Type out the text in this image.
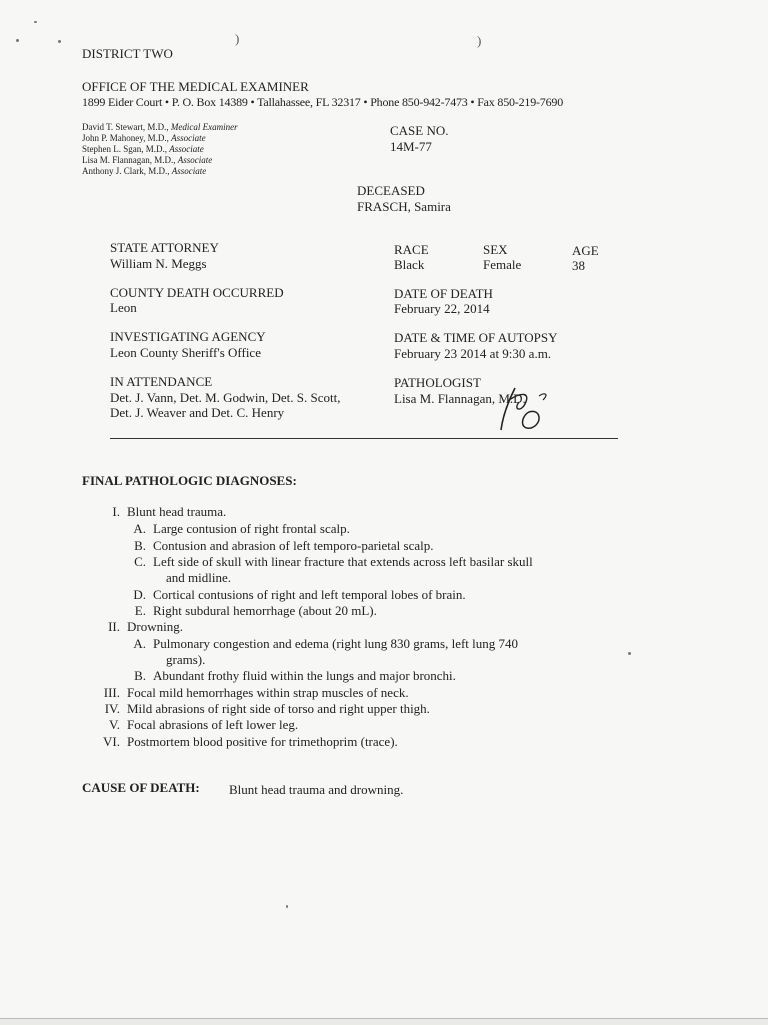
)	)
DISTRICT TWO
OFFICE OF THE MEDICAL EXAMINER
1899 Eider Court • P. O. Box 14389 • Tallahassee, FL 32317 • Phone 850-942-7473 • Fax 850-219-7690
David T. Stewart, M.D., Medical Examiner
John P. Mahoney, M.D., Associate
Stephen L. Sgan, M.D., Associate
Lisa M. Flannagan, M.D., Associate
Anthony J. Clark, M.D., Associate
CASE NO.
14M-77
DECEASED
FRASCH, Samira
STATE ATTORNEY
William N. Meggs
COUNTY DEATH OCCURRED
Leon
INVESTIGATING AGENCY
Leon County Sheriff's Office
IN ATTENDANCE
Det. J. Vann, Det. M. Godwin, Det. S. Scott,
Det. J. Weaver and Det. C. Henry
RACE
Black
SEX
Female
AGE
38
DATE OF DEATH
February 22, 2014
DATE & TIME OF AUTOPSY
February 23 2014 at 9:30 a.m.
PATHOLOGIST
Lisa M. Flannagan, M.D.
FINAL PATHOLOGIC DIAGNOSES:
I. Blunt head trauma.
A. Large contusion of right frontal scalp.
B. Contusion and abrasion of left temporo-parietal scalp.
C. Left side of skull with linear fracture that extends across left basilar skull
and midline.
D. Cortical contusions of right and left temporal lobes of brain.
E. Right subdural hemorrhage (about 20 mL).
II. Drowning.
A. Pulmonary congestion and edema (right lung 830 grams, left lung 740
grams).
B. Abundant frothy fluid within the lungs and major bronchi.
III. Focal mild hemorrhages within strap muscles of neck.
IV. Mild abrasions of right side of torso and right upper thigh.
V. Focal abrasions of left lower leg.
VI. Postmortem blood positive for trimethoprim (trace).
CAUSE OF DEATH: Blunt head trauma and drowning.
